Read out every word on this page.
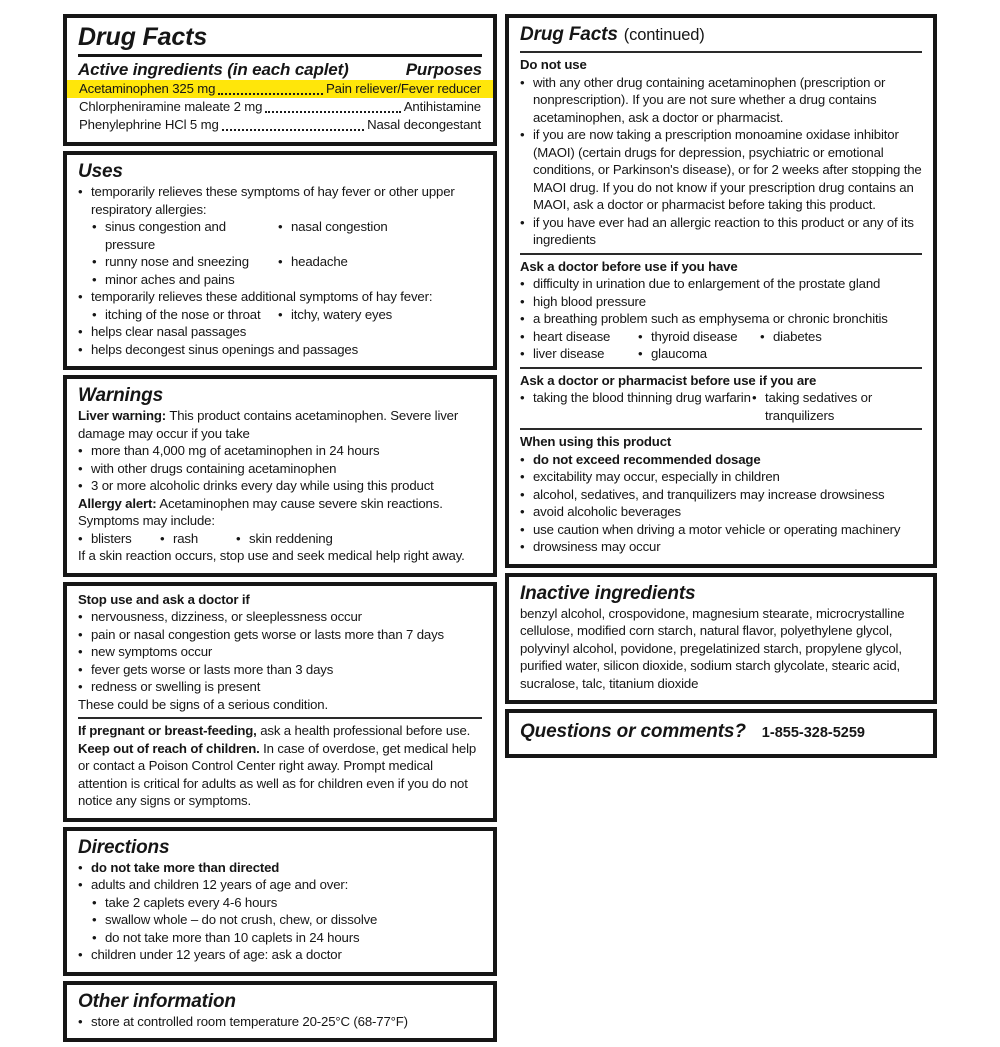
Drug Facts
Active ingredients (in each caplet)	Purposes
Acetaminophen 325 mg	Pain reliever/Fever reducer
Chlorpheniramine maleate 2 mg	Antihistamine
Phenylephrine HCl 5 mg	Nasal decongestant
Uses
•
temporarily relieves these symptoms of hay fever or other upper respiratory allergies:
•
sinus congestion and pressure
•
nasal congestion
•
runny nose and sneezing •	headache
•
minor aches and pains
•
temporarily relieves these additional symptoms of hay fever:
•
itching of the nose or throat •	itchy, watery eyes
•
helps clear nasal passages
•
helps decongest sinus openings and passages
Warnings
Liver warning: This product contains acetaminophen. Severe liver damage may occur if you take
•
more than 4,000 mg of acetaminophen in 24 hours
•
with other drugs containing acetaminophen
•
3 or more alcoholic drinks every day while using this product
Allergy alert: Acetaminophen may cause severe skin reactions. Symptoms may include:
•
blisters •	rash •	skin reddening
If a skin reaction occurs, stop use and seek medical help right away.
Stop use and ask a doctor if
•
nervousness, dizziness, or sleeplessness occur
•
pain or nasal congestion gets worse or lasts more than 7 days
•
new symptoms occur
•
fever gets worse or lasts more than 3 days
•
redness or swelling is present
These could be signs of a serious condition.
If pregnant or breast-feeding, ask a health professional before use.
Keep out of reach of children. In case of overdose, get medical help or contact a Poison Control Center right away. Prompt medical attention is critical for adults as well as for children even if you do not notice any signs or symptoms.
Directions
•
do not take more than directed
•
adults and children 12 years of age and over:
•
take 2 caplets every 4-6 hours
•
swallow whole – do not crush, chew, or dissolve
•
do not take more than 10 caplets in 24 hours
•
children under 12 years of age: ask a doctor
Other information
•
store at controlled room temperature 20-25°C (68-77°F)
Drug Facts (continued)
Do not use
•
with any other drug containing acetaminophen (prescription or nonprescription). If you are not sure whether a drug contains acetaminophen, ask a doctor or pharmacist.
•
if you are now taking a prescription monoamine oxidase inhibitor (MAOI) (certain drugs for depression, psychiatric or emotional conditions, or Parkinson's disease), or for 2 weeks after stopping the MAOI drug. If you do not know if your prescription drug contains an MAOI, ask a doctor or pharmacist before taking this product.
•
if you have ever had an allergic reaction to this product or any of its ingredients
Ask a doctor before use if you have
•
difficulty in urination due to enlargement of the prostate gland
•
high blood pressure
•
a breathing problem such as emphysema or chronic bronchitis
•
heart disease •	thyroid disease •	diabetes
•
liver disease •	glaucoma
Ask a doctor or pharmacist before use if you are
•
taking the blood thinning drug warfarin • taking sedatives or tranquilizers
When using this product
•
do not exceed recommended dosage
•
excitability may occur, especially in children
•
alcohol, sedatives, and tranquilizers may increase drowsiness
•
avoid alcoholic beverages
•
use caution when driving a motor vehicle or operating machinery
•
drowsiness may occur
Inactive ingredients
benzyl alcohol, crospovidone, magnesium stearate, microcrystalline cellulose, modified corn starch, natural flavor, polyethylene glycol, polyvinyl alcohol, povidone, pregelatinized starch, propylene glycol, purified water, silicon dioxide, sodium starch glycolate, stearic acid, sucralose, talc, titanium dioxide
Questions or comments? 1-855-328-5259
